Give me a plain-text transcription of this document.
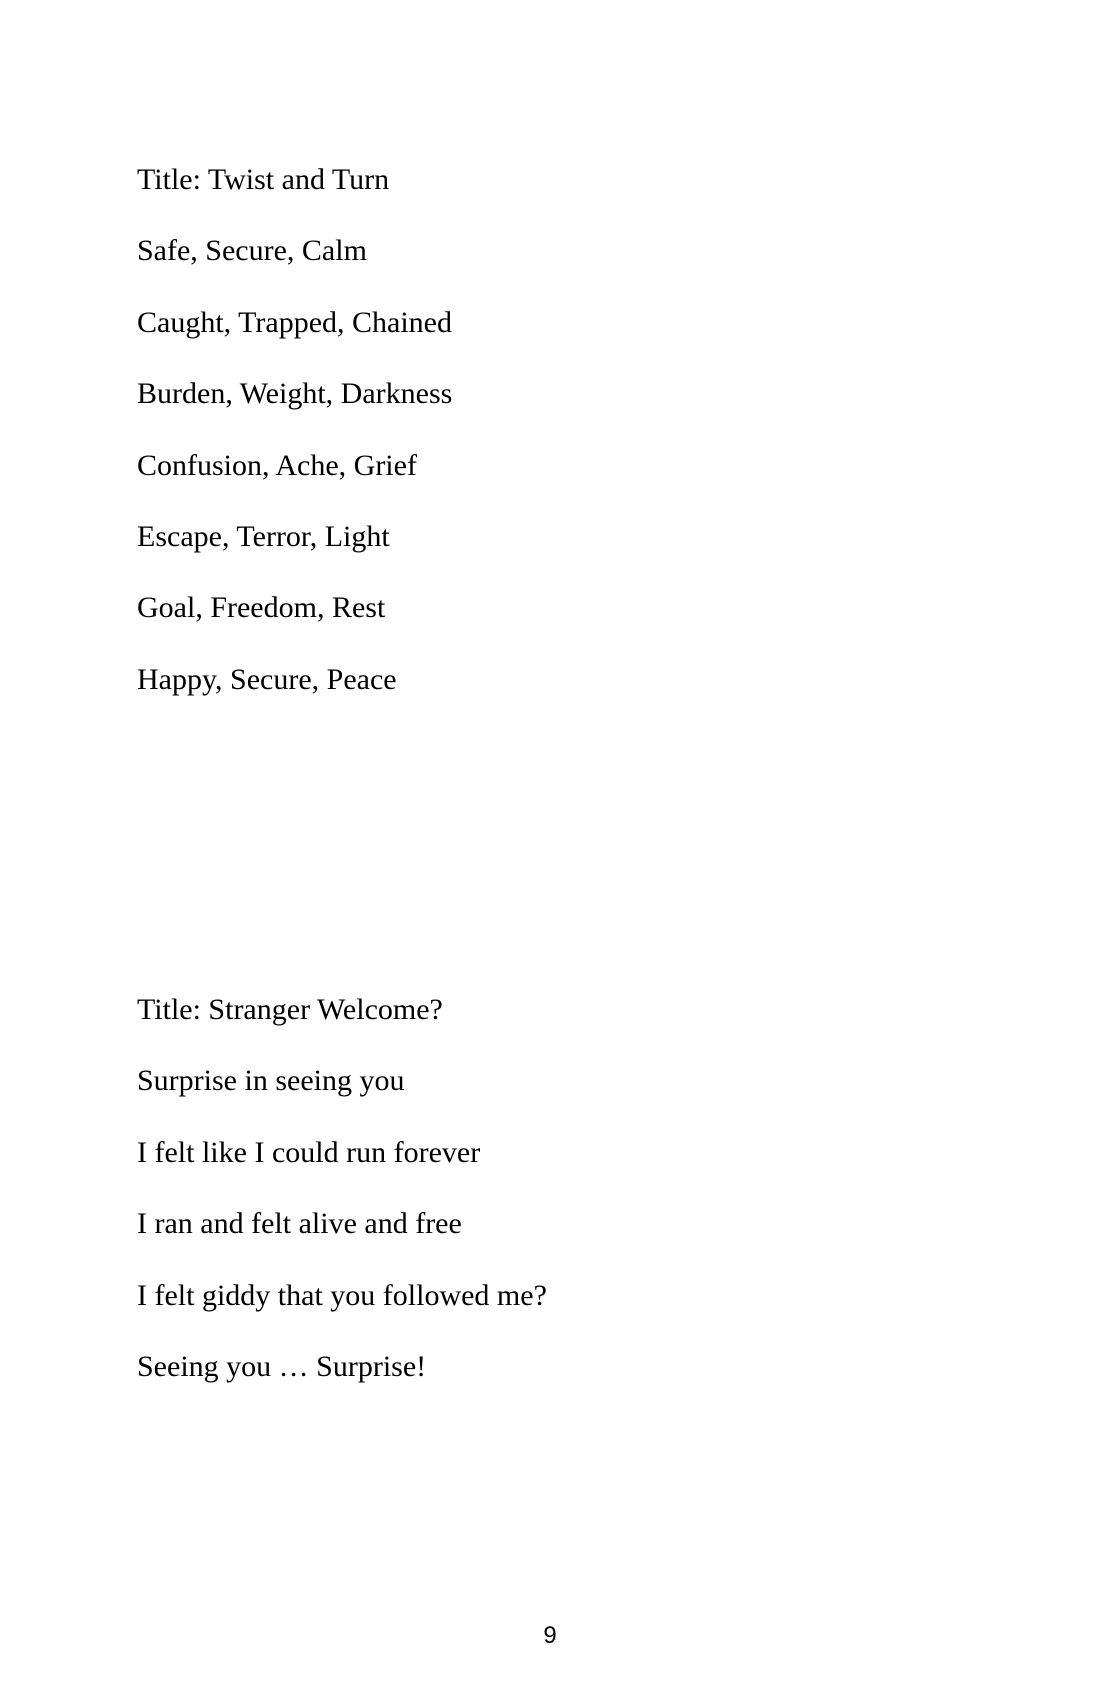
Title: Twist and Turn
Safe, Secure, Calm
Caught, Trapped, Chained
Burden, Weight, Darkness
Confusion, Ache, Grief
Escape, Terror, Light
Goal, Freedom, Rest
Happy, Secure, Peace
Title: Stranger Welcome?
Surprise in seeing you
I felt like I could run forever
I ran and felt alive and free
I felt giddy that you followed me?
Seeing you … Surprise!
9
